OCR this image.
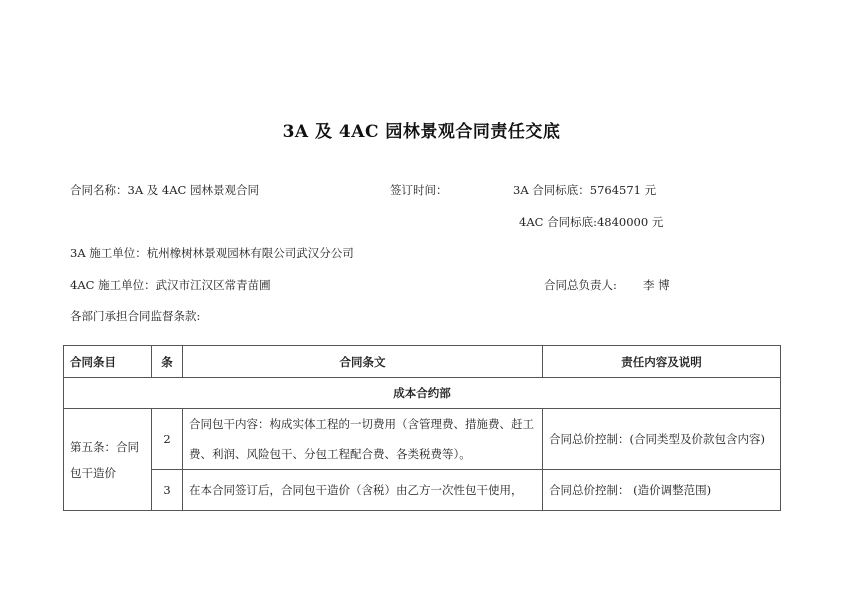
3A 及 4AC 园林景观合同责任交底
合同名称：3A 及 4AC 园林景观合同	签订时间：	3A 合同标底：5764571 元
4AC 合同标底:4840000 元
3A 施工单位：杭州橡树林景观园林有限公司武汉分公司
4AC 施工单位：武汉市江汉区常青苗圃	合同总负责人: 李 博
各部门承担合同监督条款:
合同条目	条	合同条文	责任内容及说明
成本合约部			
第五条：合同包干造价	2	合同包干内容：构成实体工程的一切费用（含管理费、措施费、赶工费、利润、风险包干、分包工程配合费、各类税费等）。	合同总价控制：(合同类型及价款包含内容)
	3	在本合同签订后，合同包干造价（含税）由乙方一次性包干使用，	合同总价控制： (造价调整范围)
